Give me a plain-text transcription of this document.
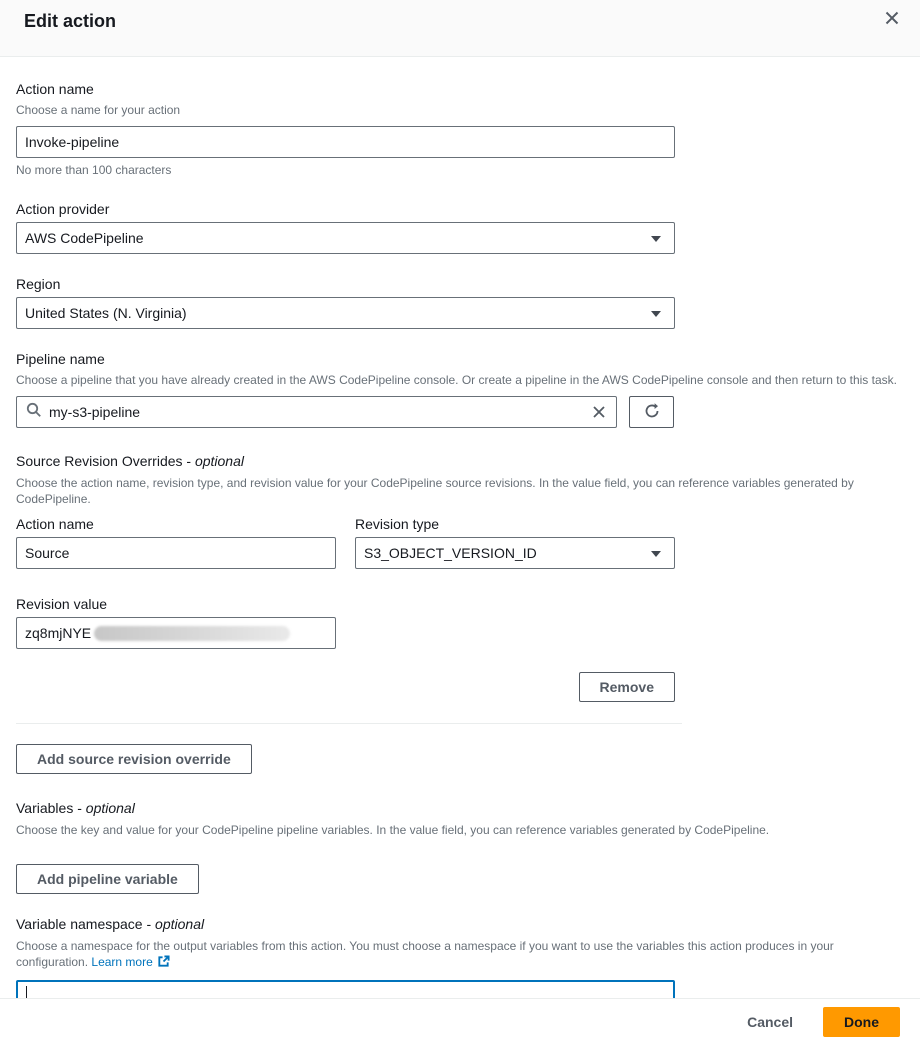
Edit action
Action name

Choose a name for your action

Invoke-pipeline
No more than 100 characters
Action provider
AWS CodePipeline
Region
United States (N. Virginia)
Pipeline name

Choose a pipeline that you have already created in the AWS CodePipeline console. Or create a pipeline in the AWS CodePipeline console and then return to this task.

my-s3-pipeline
Source Revision Overrides - optional

Choose the action name, revision type, and revision value for your CodePipeline source revisions. In the value field, you can reference variables generated by CodePipeline.

Action name
Source	Revision type
S3_OBJECT_VERSION_ID
Revision value
zq8mjNYE
Remove
Add source revision override
Variables - optional

Choose the key and value for your CodePipeline pipeline variables. In the value field, you can reference variables generated by CodePipeline.

Add pipeline variable
Variable namespace - optional

Choose a namespace for the output variables from this action. You must choose a namespace if you want to use the variables this action produces in your configuration. Learn more

Cancel	Done
